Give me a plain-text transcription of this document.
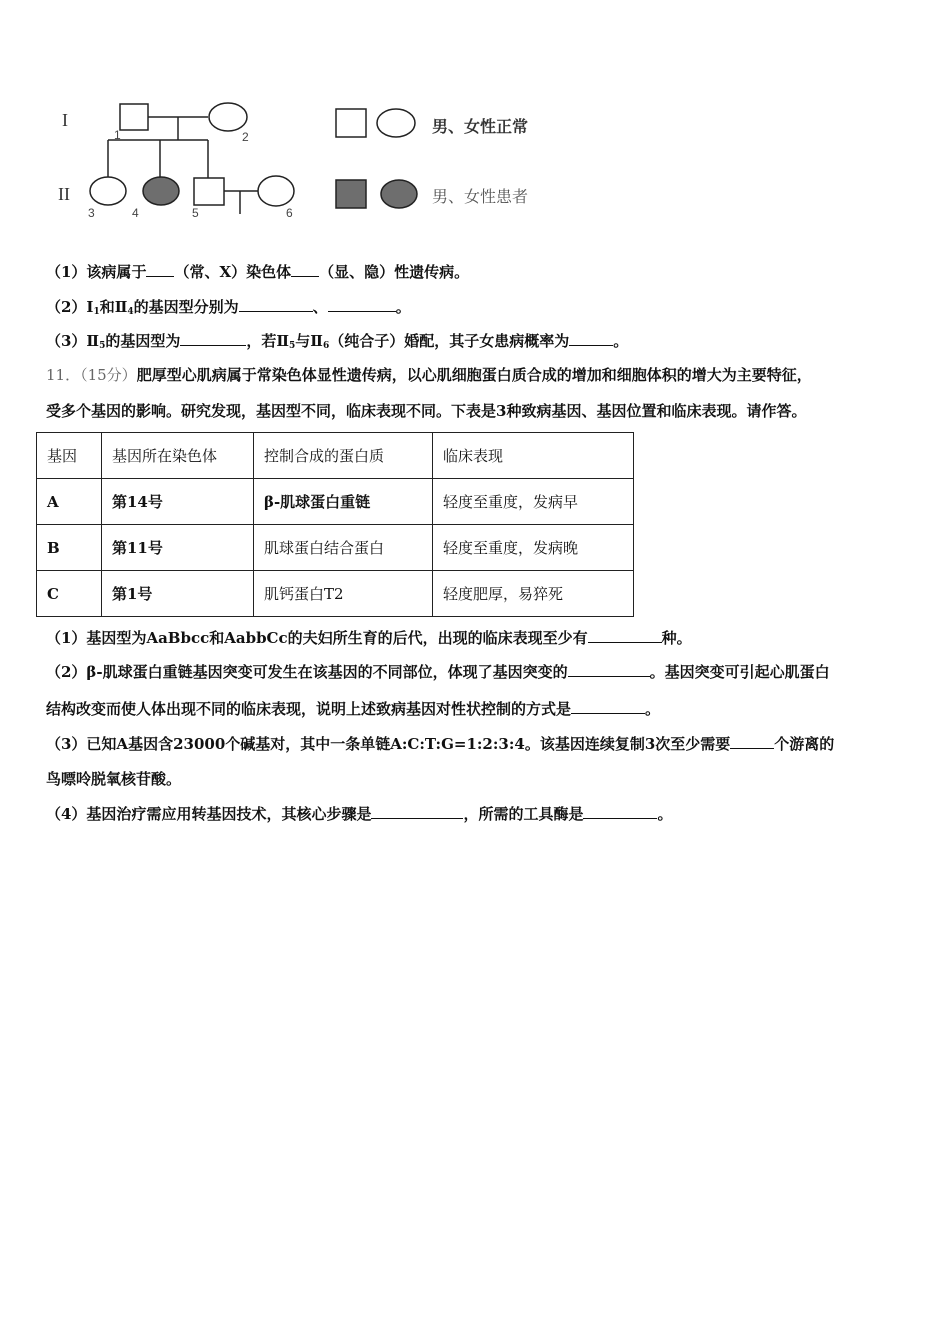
I
II
1	2
3	4	5	6
男、女性正常
男、女性患者
（1）该病属于 （常、X）染色体 （显、隐）性遗传病。
$(2)Ⅰ_1$和$Ⅱ_4$的基因型分别为	、	。
$(3)Ⅱ_5$的基因型为	，若$Ⅱ_5$与$Ⅱ_6$（纯合子）婚配，其子女患病概率为	。
11．（15分）肥厚型心肌病属于常染色体显性遗传病，以心肌细胞蛋白质合成的增加和细胞体积的增大为主要特征，
受多个基因的影响。研究发现，基因型不同，临床表现不同。下表是3种致病基因、基因位置和临床表现。请作答。
基因	基因所在染色体	控制合成的蛋白质	临床表现
A	第14号	β-肌球蛋白重链	轻度至重度，发病早
B	第11号	肌球蛋白结合蛋白	轻度至重度，发病晚
C	第1号	肌钙蛋白T2	轻度肥厚，易猝死
（1）基因型为AaBbcc和AabbCc的夫妇所生育的后代，出现的临床表现至少有	种。
（2）β-肌球蛋白重链基因突变可发生在该基因的不同部位，体现了基因突变的	。基因突变可引起心肌蛋白
结构改变而使人体出现不同的临床表现，说明上述致病基因对性状控制的方式是	。
（3）已知A基因含23000个碱基对，其中一条单链A:C:T:G=1:2:3:4。该基因连续复制3次至少需要	个游离的
鸟嘌呤脱氧核苷酸。
（4）基因治疗需应用转基因技术，其核心步骤是	，所需的工具酶是	。
